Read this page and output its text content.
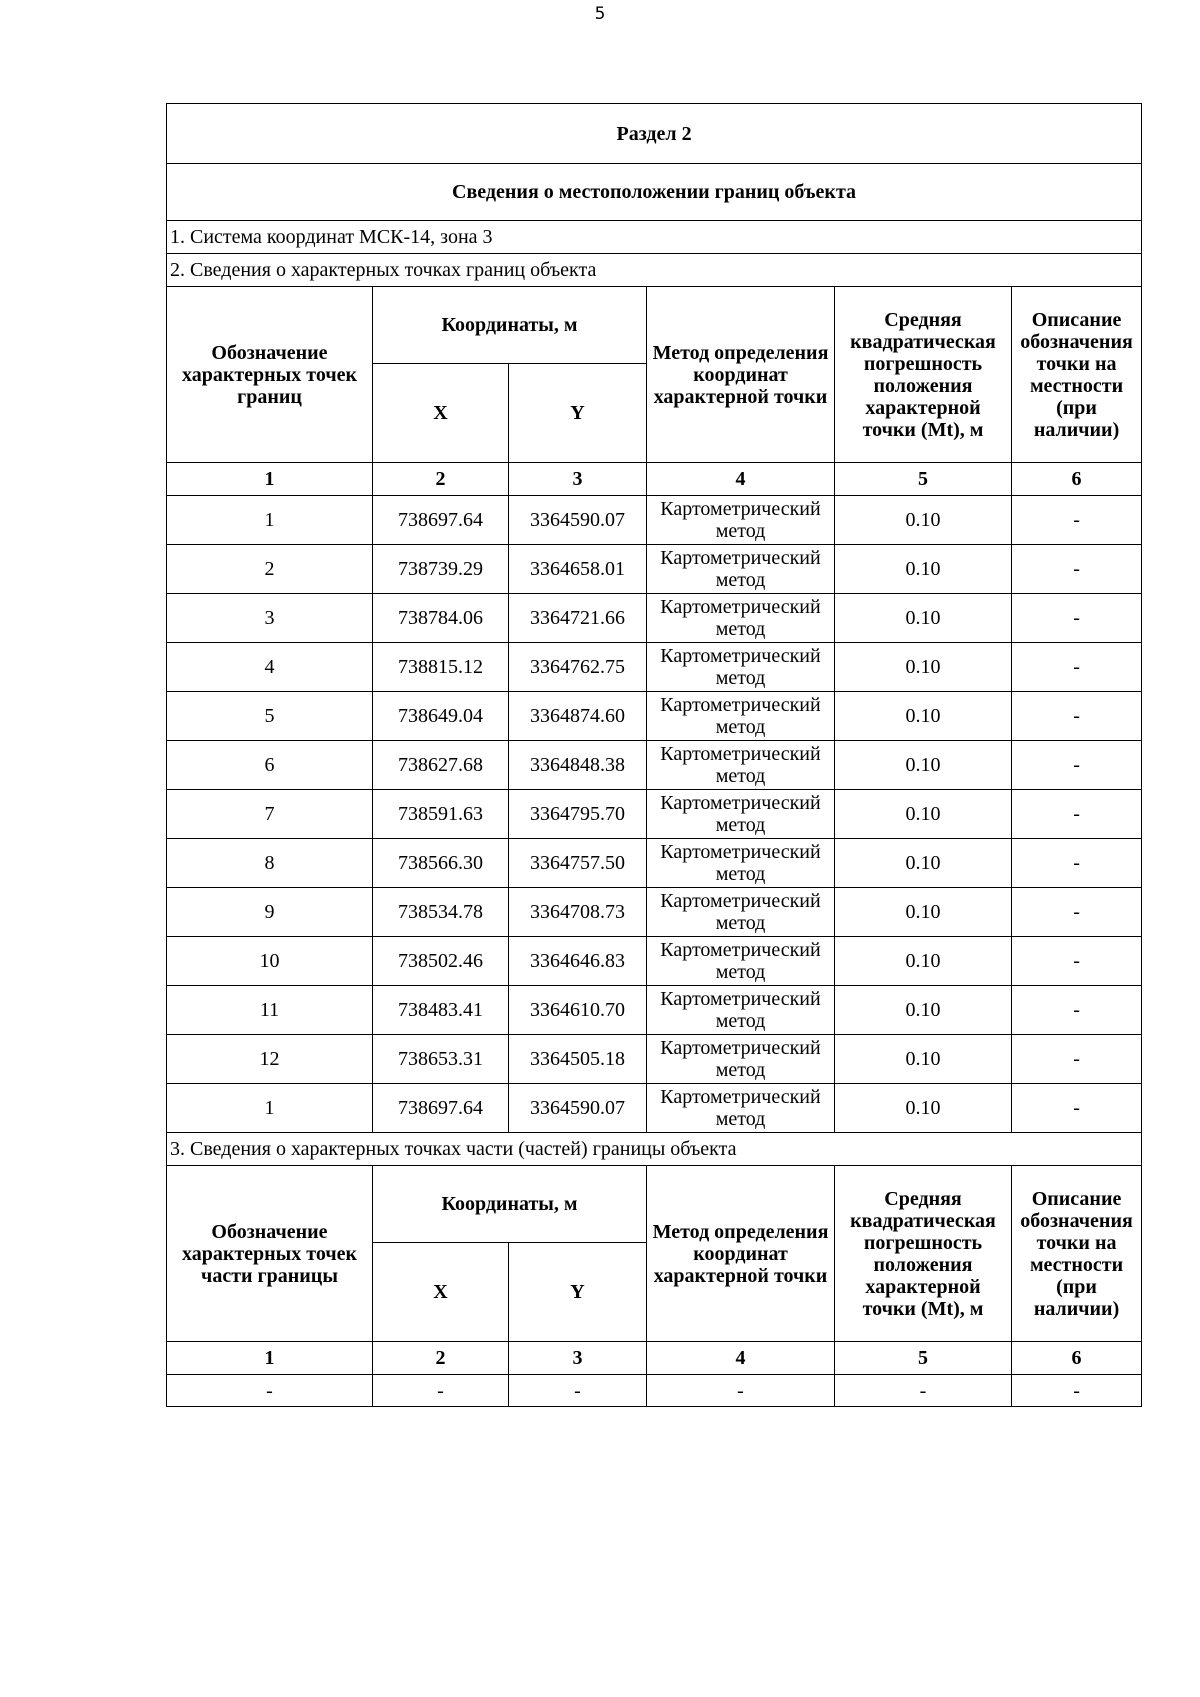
5
Раздел 2					
Сведения о местоположении границ объекта					
1. Система координат МСК-14, зона 3					
2. Сведения о характерных точках границ объекта					
Обозначение характерных точек границ	Координаты, м		Метод определения координат характерной точки	Средняя квадратическая погрешность положения характерной точки (Mt), м	Описание обозначения точки на местности (при наличии)
	X	Y			
1	2	3	4	5	6
1	738697.64	3364590.07	Картометрический метод	0.10	-
2	738739.29	3364658.01	Картометрический метод	0.10	-
3	738784.06	3364721.66	Картометрический метод	0.10	-
4	738815.12	3364762.75	Картометрический метод	0.10	-
5	738649.04	3364874.60	Картометрический метод	0.10	-
6	738627.68	3364848.38	Картометрический метод	0.10	-
7	738591.63	3364795.70	Картометрический метод	0.10	-
8	738566.30	3364757.50	Картометрический метод	0.10	-
9	738534.78	3364708.73	Картометрический метод	0.10	-
10	738502.46	3364646.83	Картометрический метод	0.10	-
11	738483.41	3364610.70	Картометрический метод	0.10	-
12	738653.31	3364505.18	Картометрический метод	0.10	-
1	738697.64	3364590.07	Картометрический метод	0.10	-
3. Сведения о характерных точках части (частей) границы объекта					
Обозначение характерных точек части границы	Координаты, м		Метод определения координат характерной точки	Средняя квадратическая погрешность положения характерной точки (Mt), м	Описание обозначения точки на местности (при наличии)
	X	Y			
1	2	3	4	5	6
-	-	-	-	-	-
